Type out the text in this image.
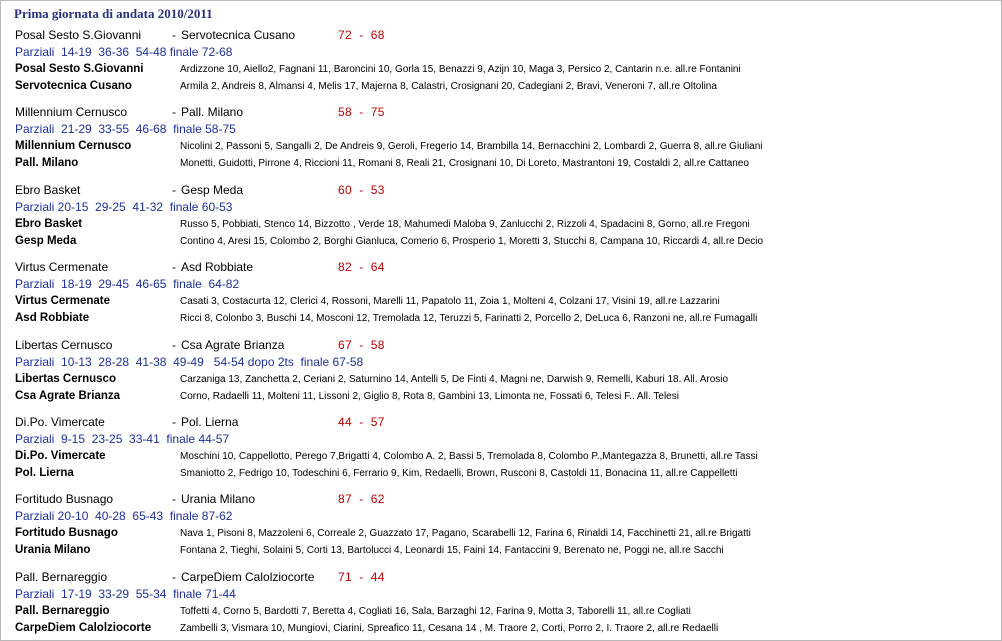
Prima giornata di andata 2010/2011
Posal Sesto S.Giovanni	- Servotecnica Cusano	72  -  68
Parziali  14-19  36-36  54-48 finale 72-68
Posal Sesto S.Giovanni	Ardizzone 10, Aiello2, Fagnani 11, Baroncini 10, Gorla 15, Benazzi 9, Azijn 10, Maga 3, Persico 2, Cantarin n.e. all.re Fontanini
Servotecnica Cusano	Armila 2, Andreis 8, Almansi 4, Melis 17, Majerna 8, Calastri, Crosignani 20, Cadegiani 2, Bravi, Veneroni 7, all.re Oltolina
Millennium Cernusco	- Pall. Milano	58  -  75
Parziali  21-29  33-55  46-68  finale 58-75
Millennium Cernusco	Nicolini 2, Passoni 5, Sangalli 2, De Andreis 9, Geroli, Fregerio 14, Brambilla 14, Bernacchini 2, Lombardi 2, Guerra 8, all.re Giuliani
Pall. Milano	Monetti, Guidotti, Pirrone 4, Riccioni 11, Romani 8, Reali 21, Crosignani 10, Di Loreto, Mastrantoni 19, Costaldi 2, all.re Cattaneo
Ebro Basket	- Gesp Meda	60  -  53
Parziali 20-15  29-25  41-32  finale 60-53
Ebro Basket	Russo 5, Pobbiati, Stenco 14, Bizzotto , Verde 18, Mahumedi Maloba 9, Zanlucchi 2, Rizzoli 4, Spadacini 8, Gorno, all.re Fregoni
Gesp Meda	Contino 4, Aresi 15, Colombo 2, Borghi Gianluca, Comerio 6, Prosperio 1, Moretti 3, Stucchi 8, Campana 10, Riccardi 4, all.re Decio
Virtus Cermenate	- Asd Robbiate	82  -  64
Parziali  18-19  29-45  46-65  finale  64-82
Virtus Cermenate	Casati 3, Costacurta 12, Clerici 4, Rossoni, Marelli 11, Papatolo 11, Zoia 1, Molteni 4, Colzani 17, Visini 19, all.re Lazzarini
Asd Robbiate	Ricci 8, Colonbo 3, Buschi 14, Mosconi 12, Tremolada 12, Teruzzi 5, Farinatti 2, Porcello 2, DeLuca 6, Ranzoni ne, all.re Fumagalli
Libertas Cernusco	- Csa Agrate Brianza	67  -  58
Parziali  10-13  28-28  41-38  49-49   54-54 dopo 2ts  finale 67-58
Libertas Cernusco	Carzaniga 13, Zanchetta 2, Ceriani 2, Saturnino 14, Antelli 5, De Finti 4, Magni ne, Darwish 9, Remelli, Kaburi 18. All. Arosio
Csa Agrate Brianza	Corno, Radaelli 11, Molteni 11, Lissoni 2, Giglio 8, Rota 8, Gambini 13, Limonta ne, Fossati 6, Telesi F.. All. Telesi
Di.Po. Vimercate	- Pol. Lierna	44  -  57
Parziali  9-15  23-25  33-41  finale 44-57
Di.Po. Vimercate	Moschini 10, Cappellotto, Perego 7,Brigatti 4, Colombo A. 2, Bassi 5, Tremolada 8, Colombo P.,Mantegazza 8, Brunetti, all.re Tassi
Pol. Lierna	Smaniotto 2, Fedrigo 10, Todeschini 6, Ferrario 9, Kim, Redaelli, Brown, Rusconi 8, Castoldi 11, Bonacina 11, all.re Cappelletti
Fortitudo Busnago	- Urania Milano	87  -  62
Parziali 20-10  40-28  65-43  finale 87-62
Fortitudo Busnago	Nava 1, Pisoni 8, Mazzoleni 6, Correale 2, Guazzato 17, Pagano, Scarabelli 12, Farina 6, Rinaldi 14, Facchinetti 21, all.re Brigatti
Urania Milano	Fontana 2, Tieghi, Solaini 5, Corti 13, Bartolucci 4, Leonardi 15, Faini 14, Fantaccini 9, Berenato ne, Poggi ne, all.re Sacchi
Pall. Bernareggio	- CarpeDiem Calolziocorte 71  -  44
Parziali  17-19  33-29  55-34  finale 71-44
Pall. Bernareggio	Toffetti 4, Corno 5, Bardotti 7, Beretta 4, Cogliati 16, Sala, Barzaghi 12, Farina 9, Motta 3, Taborelli 11, all.re Cogliati
CarpeDiem Calolziocorte	Zambelli 3, Vismara 10, Mungiovi, Ciarini, Spreafico 11, Cesana 14 , M. Traore 2, Corti, Porro 2, I. Traore 2, all.re Redaelli
